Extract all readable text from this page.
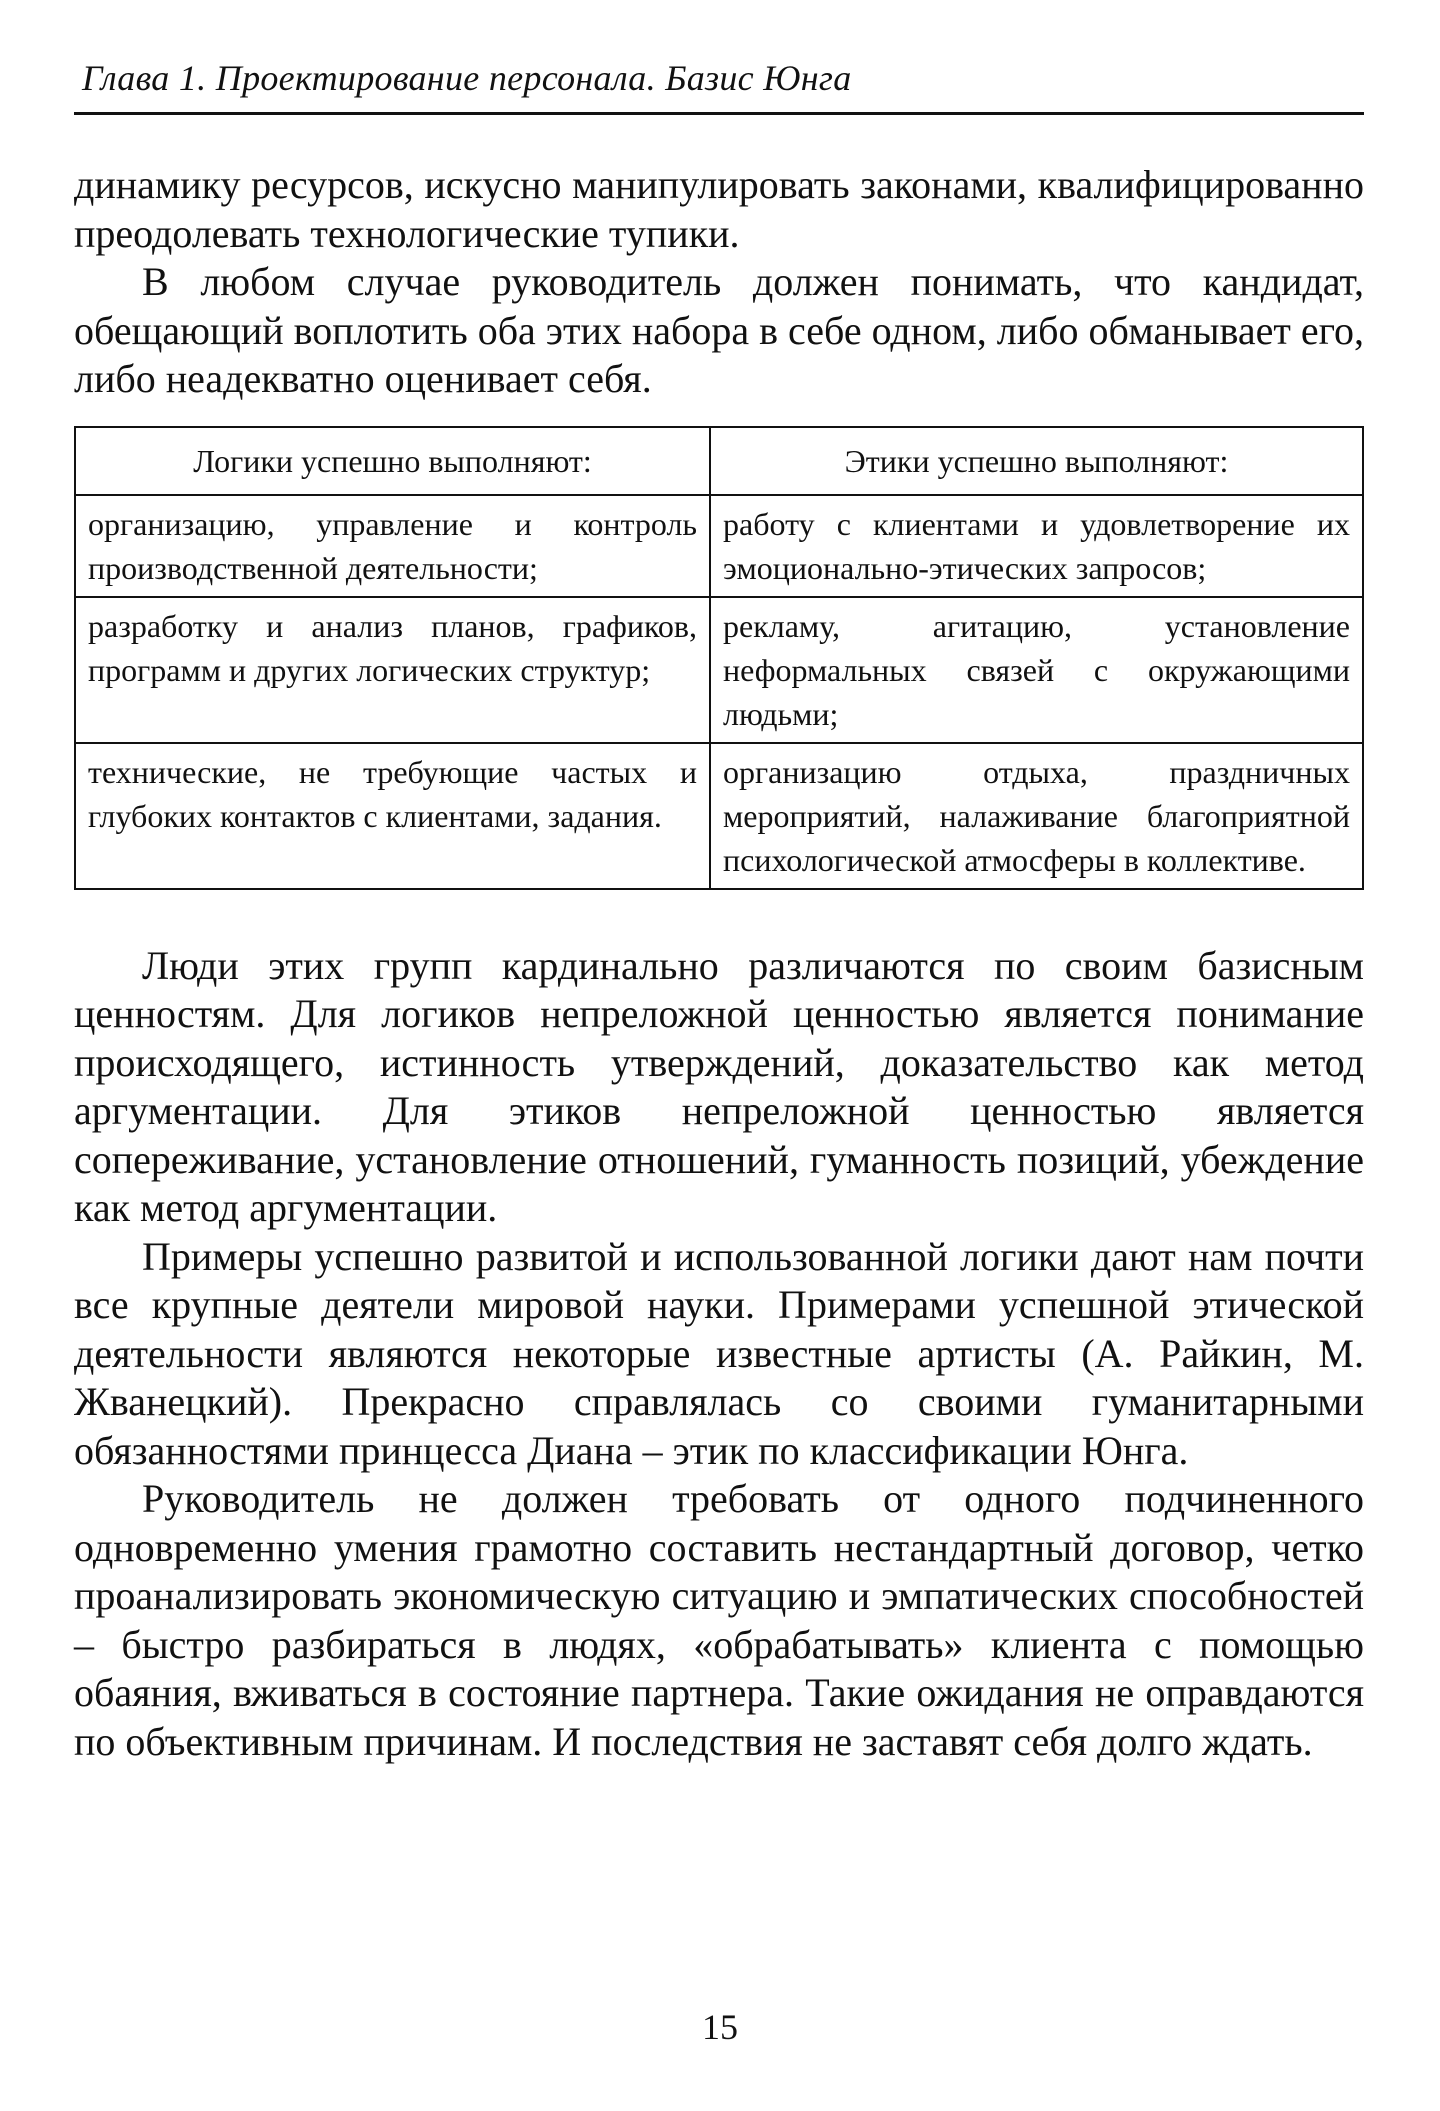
Глава 1. Проектирование персонала. Базис Юнга

динамику ресурсов, искусно манипулировать законами, квалифицированно преодолевать технологические тупики.

В любом случае руководитель должен понимать, что кандидат, обещающий воплотить оба этих набора в себе одном, либо обманывает его, либо неадекватно оценивает себя.

Логики успешно выполняют:	Этики успешно выполняют:
организацию, управление и контроль производственной деятельности;	работу с клиентами и удовлетворение их эмоционально-этических запросов;
разработку и анализ планов, графиков, программ и других логических структур;	рекламу, агитацию, установление неформальных связей с окружающими людьми;
технические, не требующие частых и глубоких контактов с клиентами, задания.	организацию отдыха, праздничных мероприятий, налаживание благоприятной психологической атмосферы в коллективе.

Люди этих групп кардинально различаются по своим базисным ценностям. Для логиков непреложной ценностью является понимание происходящего, истинность утверждений, доказательство как метод аргументации. Для этиков непреложной ценностью является сопереживание, установление отношений, гуманность позиций, убеждение как метод аргументации.

Примеры успешно развитой и использованной логики дают нам почти все крупные деятели мировой науки. Примерами успешной этической деятельности являются некоторые известные артисты (А. Райкин, М. Жванецкий). Прекрасно справлялась со своими гуманитарными обязанностями принцесса Диана – этик по классификации Юнга.

Руководитель не должен требовать от одного подчиненного одновременно умения грамотно составить нестандартный договор, четко проанализировать экономическую ситуацию и эмпатических способностей – быстро разбираться в людях, «обрабатывать» клиента с помощью обаяния, вживаться в состояние партнера. Такие ожидания не оправдаются по объективным причинам. И последствия не заставят себя долго ждать.

15
